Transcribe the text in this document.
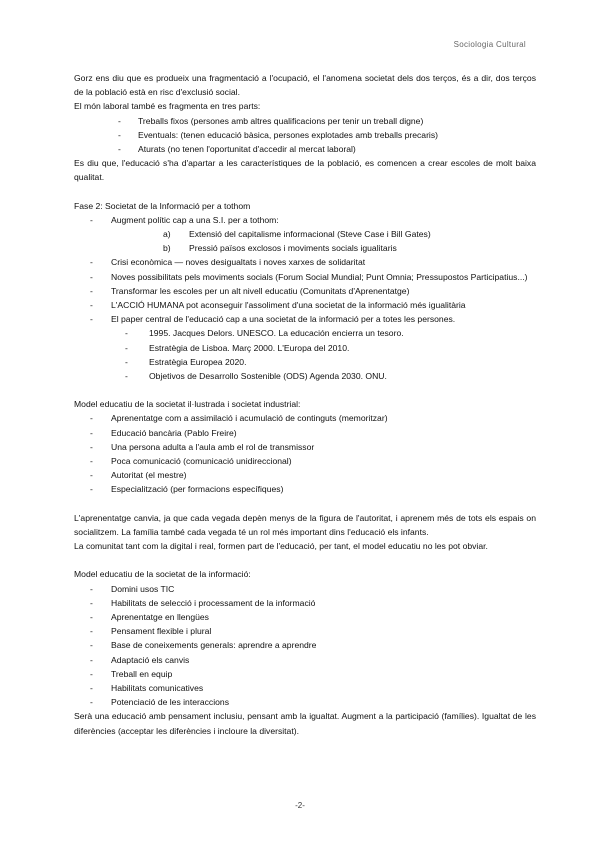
Sociologia Cultural

Gorz ens diu que es produeix una fragmentació a l'ocupació, el l'anomena societat dels dos terços, és a dir, dos terços de la població està en risc d'exclusió social.

El món laboral també es fragmenta en tres parts:

- Treballs fixos (persones amb altres qualificacions per tenir un treball digne)
- Eventuals: (tenen educació bàsica, persones explotades amb treballs precaris)
- Aturats (no tenen l'oportunitat d'accedir al mercat laboral)

Es diu que, l'educació s'ha d'apartar a les característiques de la població, es comencen a crear escoles de molt baixa qualitat.

Fase 2: Societat de la Informació per a tothom

- Augment polític cap a una S.I. per a tothom:
a) Extensió del capitalisme informacional (Steve Case i Bill Gates)
b) Pressió països exclosos i moviments socials igualitaris
- Crisi econòmica — noves desigualtats i noves xarxes de solidaritat
- Noves possibilitats pels moviments socials (Forum Social Mundial; Punt Omnia; Pressupostos Participatius...)
- Transformar les escoles per un alt nivell educatiu (Comunitats d'Aprenentatge)
- L'ACCIÓ HUMANA pot aconseguir l'assoliment d'una societat de la informació més igualitària
- El paper central de l'educació cap a una societat de la informació per a totes les persones.
- 1995. Jacques Delors. UNESCO. La educación encierra un tesoro.
- Estratègia de Lisboa. Març 2000. L'Europa del 2010.
- Estratègia Europea 2020.
- Objetivos de Desarrollo Sostenible (ODS) Agenda 2030. ONU.

Model educatiu de la societat il·lustrada i societat industrial:

- Aprenentatge com a assimilació i acumulació de continguts (memoritzar)
- Educació bancària (Pablo Freire)
- Una persona adulta a l'aula amb el rol de transmissor
- Poca comunicació (comunicació unidireccional)
- Autoritat (el mestre)
- Especialització (per formacions específiques)

L'aprenentatge canvia, ja que cada vegada depèn menys de la figura de l'autoritat, i aprenem més de tots els espais on socialitzem. La família també cada vegada té un rol més important dins l'educació els infants.

La comunitat tant com la digital i real, formen part de l'educació, per tant, el model educatiu no les pot obviar.

Model educatiu de la societat de la informació:

- Domini usos TIC
- Habilitats de selecció i processament de la informació
- Aprenentatge en llengües
- Pensament flexible i plural
- Base de coneixements generals: aprendre a aprendre
- Adaptació els canvis
- Treball en equip
- Habilitats comunicatives
- Potenciació de les interaccions

Serà una educació amb pensament inclusiu, pensant amb la igualtat. Augment a la participació (famílies). Igualtat de les diferències (acceptar les diferències i incloure la diversitat).

-2-
